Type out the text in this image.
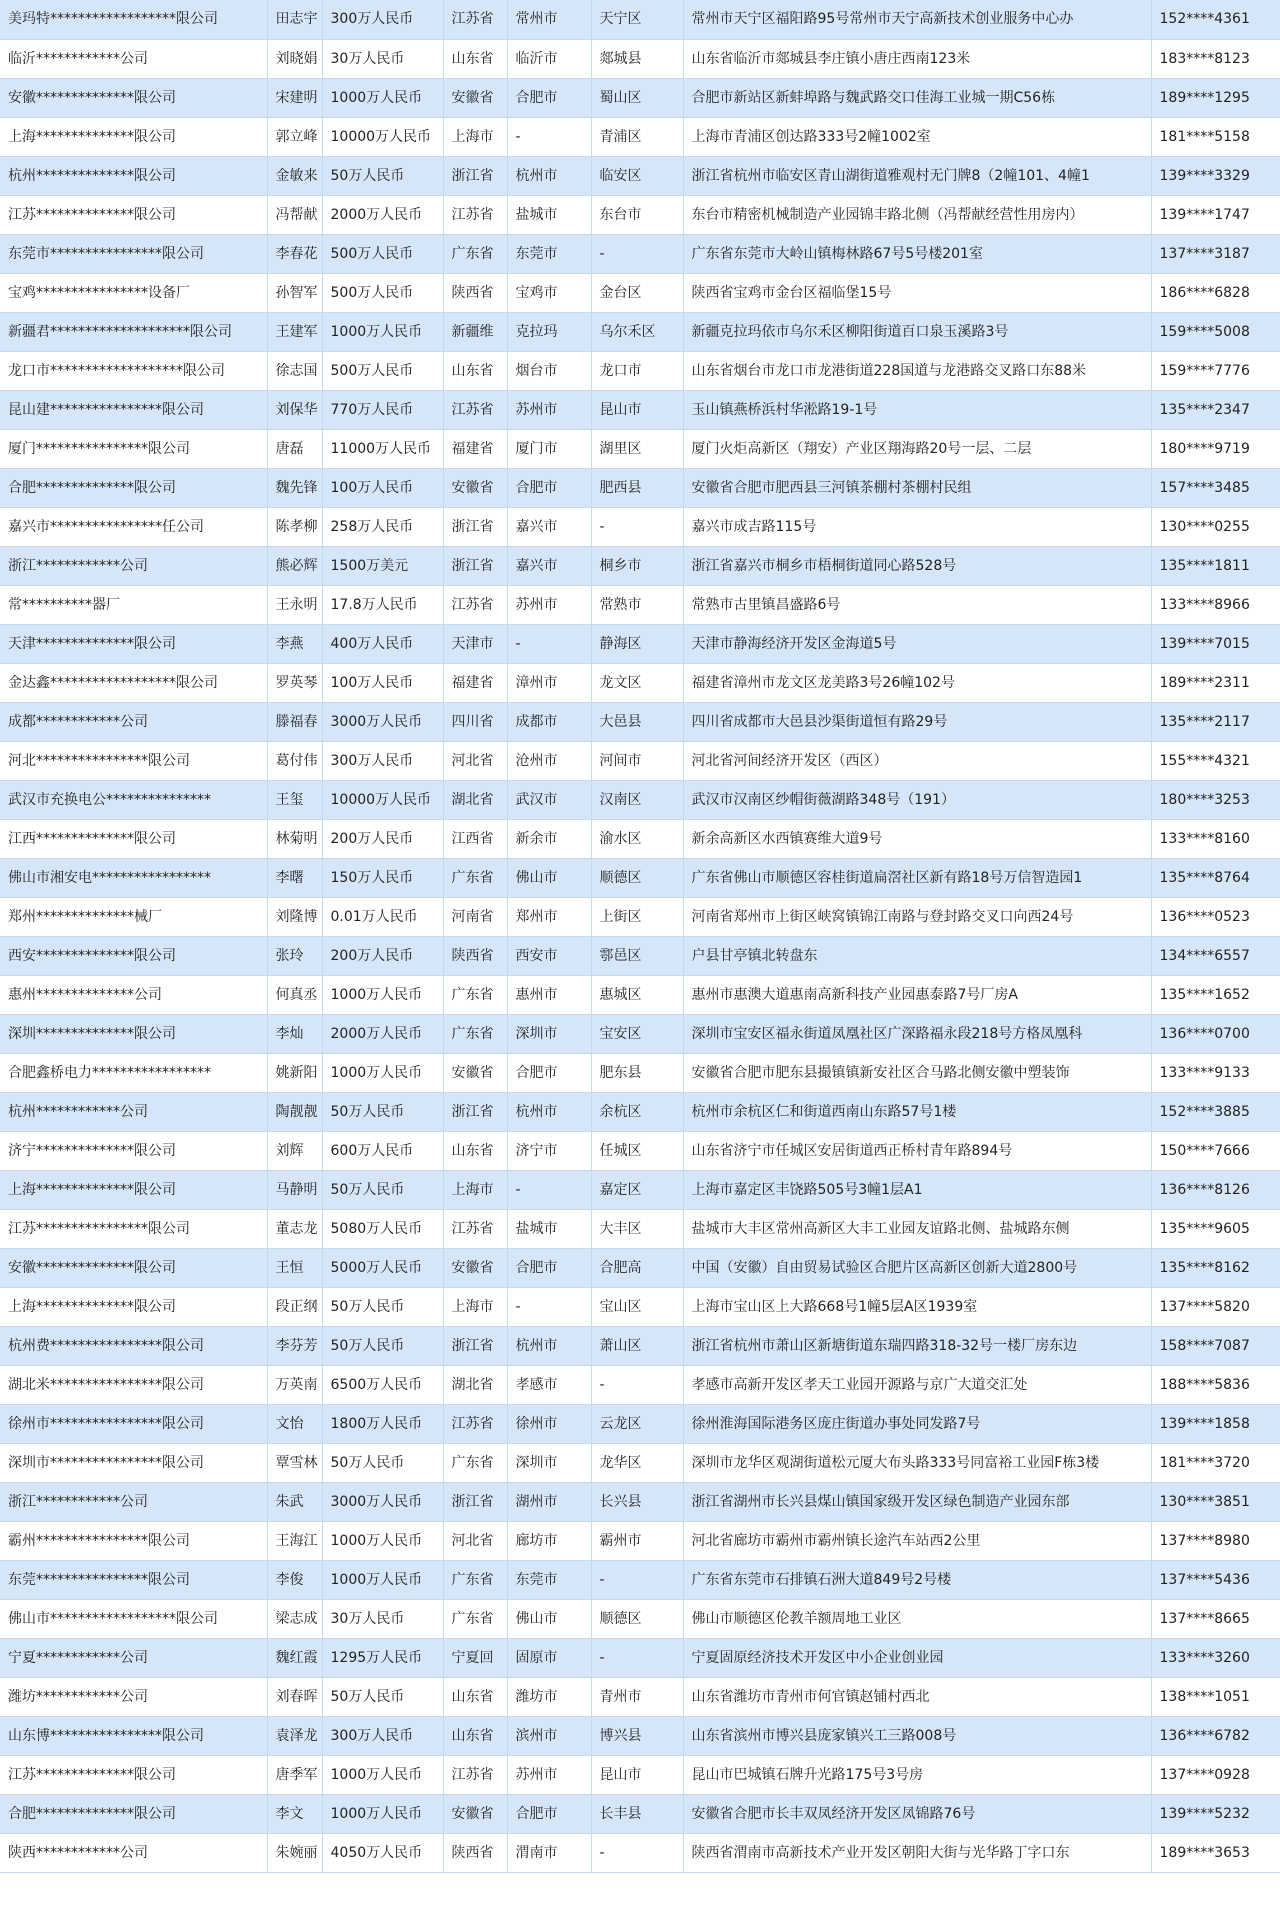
美玛特******************限公司	田志宇	300万人民币	江苏省	常州市	天宁区	常州市天宁区福阳路95号常州市天宁高新技术创业服务中心办	152****4361
临沂************公司	刘晓娟	30万人民币	山东省	临沂市	郯城县	山东省临沂市郯城县李庄镇小唐庄西南123米	183****8123
安徽**************限公司	宋建明	1000万人民币	安徽省	合肥市	蜀山区	合肥市新站区新蚌埠路与魏武路交口佳海工业城一期C56栋	189****1295
上海**************限公司	郭立峰	10000万人民币	上海市	-	青浦区	上海市青浦区创达路333号2幢1002室	181****5158
杭州**************限公司	金敏来	50万人民币	浙江省	杭州市	临安区	浙江省杭州市临安区青山湖街道雅观村无门牌8（2幢101、4幢1	139****3329
江苏**************限公司	冯帮献	2000万人民币	江苏省	盐城市	东台市	东台市精密机械制造产业园锦丰路北侧（冯帮献经营性用房内）	139****1747
东莞市****************限公司	李春花	500万人民币	广东省	东莞市	-	广东省东莞市大岭山镇梅林路67号5号楼201室	137****3187
宝鸡****************设备厂	孙智军	500万人民币	陕西省	宝鸡市	金台区	陕西省宝鸡市金台区福临堡15号	186****6828
新疆君********************限公司	王建军	1000万人民币	新疆维	克拉玛	乌尔禾区	新疆克拉玛依市乌尔禾区柳阳街道百口泉玉溪路3号	159****5008
龙口市*******************限公司	徐志国	500万人民币	山东省	烟台市	龙口市	山东省烟台市龙口市龙港街道228国道与龙港路交叉路口东88米	159****7776
昆山建****************限公司	刘保华	770万人民币	江苏省	苏州市	昆山市	玉山镇燕桥浜村华淞路19-1号	135****2347
厦门****************限公司	唐磊	11000万人民币	福建省	厦门市	湖里区	厦门火炬高新区（翔安）产业区翔海路20号一层、二层	180****9719
合肥**************限公司	魏先锋	100万人民币	安徽省	合肥市	肥西县	安徽省合肥市肥西县三河镇茶棚村茶棚村民组	157****3485
嘉兴市****************任公司	陈孝柳	258万人民币	浙江省	嘉兴市	-	嘉兴市成吉路115号	130****0255
浙江************公司	熊必辉	1500万美元	浙江省	嘉兴市	桐乡市	浙江省嘉兴市桐乡市梧桐街道同心路528号	135****1811
常**********器厂	王永明	17.8万人民币	江苏省	苏州市	常熟市	常熟市古里镇昌盛路6号	133****8966
天津**************限公司	李燕	400万人民币	天津市	-	静海区	天津市静海经济开发区金海道5号	139****7015
金达鑫******************限公司	罗英琴	100万人民币	福建省	漳州市	龙文区	福建省漳州市龙文区龙美路3号26幢102号	189****2311
成都************公司	滕福春	3000万人民币	四川省	成都市	大邑县	四川省成都市大邑县沙渠街道恒有路29号	135****2117
河北****************限公司	葛付伟	300万人民币	河北省	沧州市	河间市	河北省河间经济开发区（西区）	155****4321
武汉市充换电公***************	王玺	10000万人民币	湖北省	武汉市	汉南区	武汉市汉南区纱帽街薇湖路348号（191）	180****3253
江西**************限公司	林菊明	200万人民币	江西省	新余市	渝水区	新余高新区水西镇赛维大道9号	133****8160
佛山市湘安电*****************	李曙	150万人民币	广东省	佛山市	顺德区	广东省佛山市顺德区容桂街道扁滘社区新有路18号万信智造园1	135****8764
郑州**************械厂	刘隆博	0.01万人民币	河南省	郑州市	上街区	河南省郑州市上街区峡窝镇锦江南路与登封路交叉口向西24号	136****0523
西安**************限公司	张玲	200万人民币	陕西省	西安市	鄠邑区	户县甘亭镇北转盘东	134****6557
惠州**************公司	何真丞	1000万人民币	广东省	惠州市	惠城区	惠州市惠澳大道惠南高新科技产业园惠泰路7号厂房A	135****1652
深圳**************限公司	李灿	2000万人民币	广东省	深圳市	宝安区	深圳市宝安区福永街道凤凰社区广深路福永段218号方格凤凰科	136****0700
合肥鑫桥电力*****************	姚新阳	1000万人民币	安徽省	合肥市	肥东县	安徽省合肥市肥东县撮镇镇新安社区合马路北侧安徽中塑装饰	133****9133
杭州************公司	陶靓靓	50万人民币	浙江省	杭州市	余杭区	杭州市余杭区仁和街道西南山东路57号1楼	152****3885
济宁**************限公司	刘辉	600万人民币	山东省	济宁市	任城区	山东省济宁市任城区安居街道西正桥村青年路894号	150****7666
上海**************限公司	马静明	50万人民币	上海市	-	嘉定区	上海市嘉定区丰饶路505号3幢1层A1	136****8126
江苏****************限公司	董志龙	5080万人民币	江苏省	盐城市	大丰区	盐城市大丰区常州高新区大丰工业园友谊路北侧、盐城路东侧	135****9605
安徽**************限公司	王恒	5000万人民币	安徽省	合肥市	合肥高	中国（安徽）自由贸易试验区合肥片区高新区创新大道2800号	135****8162
上海**************限公司	段正纲	50万人民币	上海市	-	宝山区	上海市宝山区上大路668号1幢5层A区1939室	137****5820
杭州费****************限公司	李芬芳	50万人民币	浙江省	杭州市	萧山区	浙江省杭州市萧山区新塘街道东瑞四路318-32号一楼厂房东边	158****7087
湖北米****************限公司	万英南	6500万人民币	湖北省	孝感市	-	孝感市高新开发区孝天工业园开源路与京广大道交汇处	188****5836
徐州市****************限公司	文怡	1800万人民币	江苏省	徐州市	云龙区	徐州淮海国际港务区庞庄街道办事处同发路7号	139****1858
深圳市****************限公司	覃雪林	50万人民币	广东省	深圳市	龙华区	深圳市龙华区观湖街道松元厦大布头路333号同富裕工业园F栋3楼	181****3720
浙江************公司	朱武	3000万人民币	浙江省	湖州市	长兴县	浙江省湖州市长兴县煤山镇国家级开发区绿色制造产业园东部	130****3851
霸州****************限公司	王海江	1000万人民币	河北省	廊坊市	霸州市	河北省廊坊市霸州市霸州镇长途汽车站西2公里	137****8980
东莞****************限公司	李俊	1000万人民币	广东省	东莞市	-	广东省东莞市石排镇石洲大道849号2号楼	137****5436
佛山市******************限公司	梁志成	30万人民币	广东省	佛山市	顺德区	佛山市顺德区伦教羊额周地工业区	137****8665
宁夏************公司	魏红霞	1295万人民币	宁夏回	固原市	-	宁夏固原经济技术开发区中小企业创业园	133****3260
潍坊************公司	刘春晖	50万人民币	山东省	潍坊市	青州市	山东省潍坊市青州市何官镇赵铺村西北	138****1051
山东博****************限公司	袁泽龙	300万人民币	山东省	滨州市	博兴县	山东省滨州市博兴县庞家镇兴工三路008号	136****6782
江苏**************限公司	唐季军	1000万人民币	江苏省	苏州市	昆山市	昆山市巴城镇石牌升光路175号3号房	137****0928
合肥**************限公司	李文	1000万人民币	安徽省	合肥市	长丰县	安徽省合肥市长丰双凤经济开发区凤锦路76号	139****5232
陕西************公司	朱婉丽	4050万人民币	陕西省	渭南市	-	陕西省渭南市高新技术产业开发区朝阳大街与光华路丁字口东	189****3653
